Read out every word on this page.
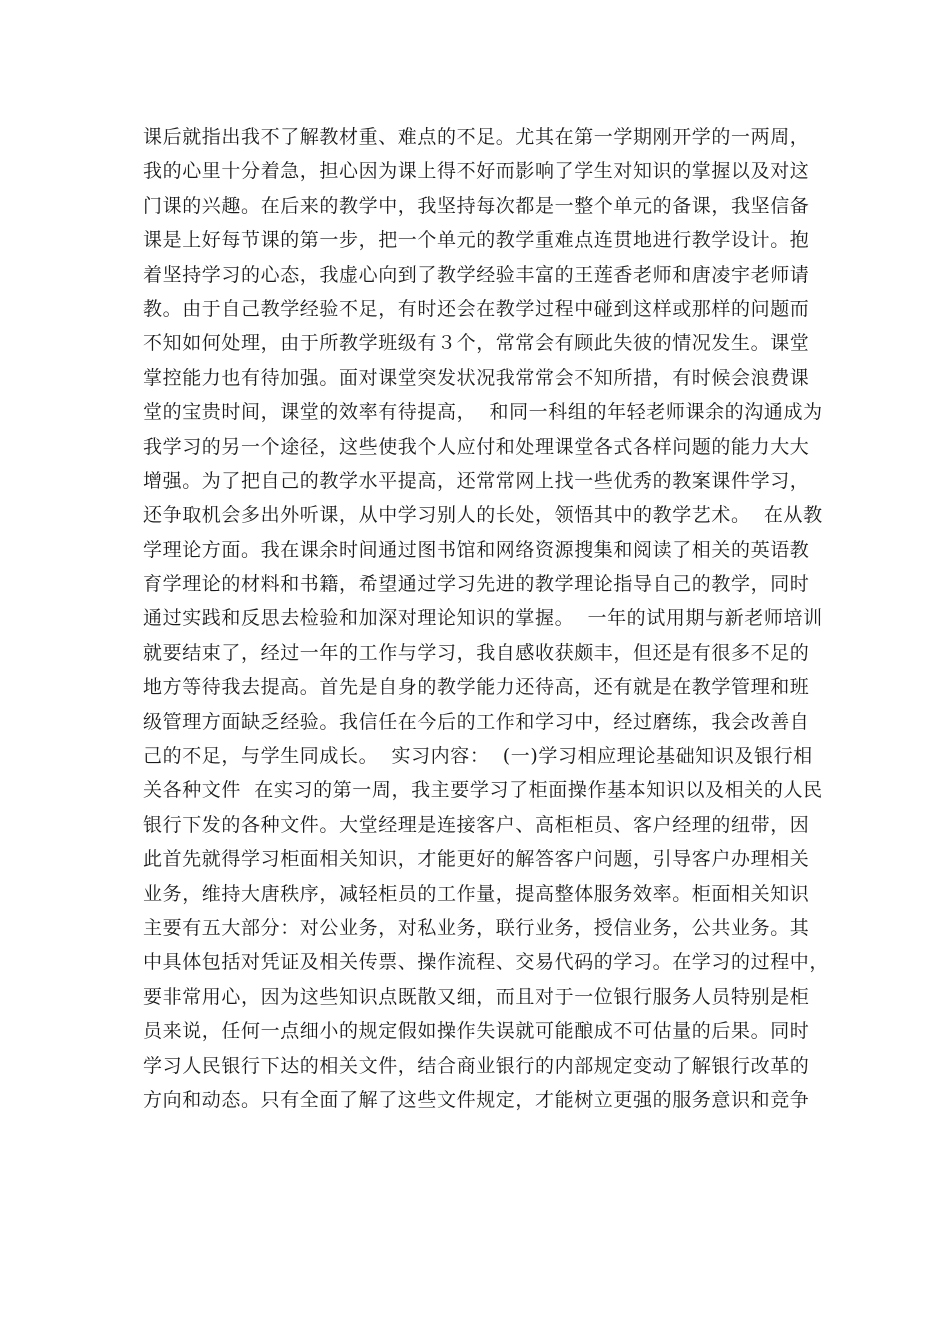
课后就指出我不了解教材重、难点的不足。尤其在第一学期刚开学的一两周，
我的心里十分着急，担心因为课上得不好而影响了学生对知识的掌握以及对这
门课的兴趣。在后来的教学中，我坚持每次都是一整个单元的备课，我坚信备
课是上好每节课的第一步，把一个单元的教学重难点连贯地进行教学设计。抱
着坚持学习的心态，我虚心向到了教学经验丰富的王莲香老师和唐凌宇老师请
教。由于自己教学经验不足，有时还会在教学过程中碰到这样或那样的问题而
不知如何处理，由于所教学班级有３个，常常会有顾此失彼的情况发生。课堂
掌控能力也有待加强。面对课堂突发状况我常常会不知所措，有时候会浪费课
堂的宝贵时间，课堂的效率有待提高，  和同一科组的年轻老师课余的沟通成为
我学习的另一个途径，这些使我个人应付和处理课堂各式各样问题的能力大大
增强。为了把自己的教学水平提高，还常常网上找一些优秀的教案课件学习，
还争取机会多出外听课，从中学习别人的长处，领悟其中的教学艺术。  在从教
学理论方面。我在课余时间通过图书馆和网络资源搜集和阅读了相关的英语教
育学理论的材料和书籍，希望通过学习先进的教学理论指导自己的教学，同时
通过实践和反思去检验和加深对理论知识的掌握。  一年的试用期与新老师培训
就要结束了，经过一年的工作与学习，我自感收获颇丰，但还是有很多不足的
地方等待我去提高。首先是自身的教学能力还待高，还有就是在教学管理和班
级管理方面缺乏经验。我信任在今后的工作和学习中，经过磨练，我会改善自
己的不足，与学生同成长。  实习内容：  (一)学习相应理论基础知识及银行相
关各种文件  在实习的第一周，我主要学习了柜面操作基本知识以及相关的人民
银行下发的各种文件。大堂经理是连接客户、高柜柜员、客户经理的纽带，因
此首先就得学习柜面相关知识，才能更好的解答客户问题，引导客户办理相关
业务，维持大唐秩序，减轻柜员的工作量，提高整体服务效率。柜面相关知识
主要有五大部分：对公业务，对私业务，联行业务，授信业务，公共业务。其
中具体包括对凭证及相关传票、操作流程、交易代码的学习。在学习的过程中，
要非常用心，因为这些知识点既散又细，而且对于一位银行服务人员特别是柜
员来说，任何一点细小的规定假如操作失误就可能酿成不可估量的后果。同时
学习人民银行下达的相关文件，结合商业银行的内部规定变动了解银行改革的
方向和动态。只有全面了解了这些文件规定，才能树立更强的服务意识和竞争
